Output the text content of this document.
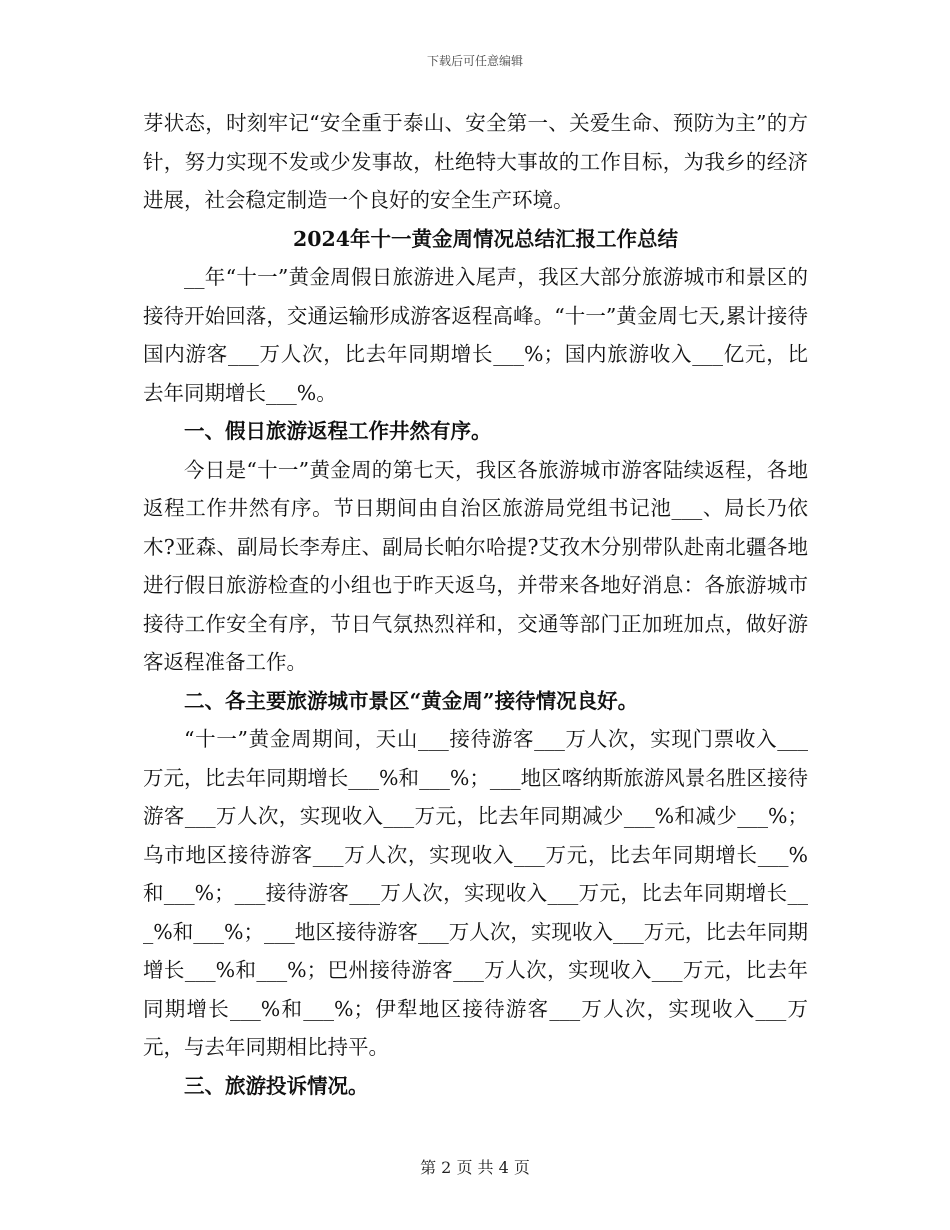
下载后可任意编辑

芽状态，时刻牢记“安全重于泰山、安全第一、关爱生命、预防为主”的方针，努力实现不发或少发事故，杜绝特大事故的工作目标，为我乡的经济进展，社会稳定制造一个良好的安全生产环境。

2024年十一黄金周情况总结汇报工作总结

__年“十一”黄金周假日旅游进入尾声，我区大部分旅游城市和景区的接待开始回落，交通运输形成游客返程高峰。“十一”黄金周七天,累计接待国内游客___万人次，比去年同期增长___%；国内旅游收入___亿元，比去年同期增长___%。

一、假日旅游返程工作井然有序。

今日是“十一”黄金周的第七天，我区各旅游城市游客陆续返程，各地返程工作井然有序。节日期间由自治区旅游局党组书记池___、局长乃依木?亚森、副局长李寿庄、副局长帕尔哈提?艾孜木分别带队赴南北疆各地进行假日旅游检查的小组也于昨天返乌，并带来各地好消息：各旅游城市接待工作安全有序，节日气氛热烈祥和，交通等部门正加班加点，做好游客返程准备工作。

二、各主要旅游城市景区“黄金周”接待情况良好。

“十一”黄金周期间，天山___接待游客___万人次，实现门票收入___万元，比去年同期增长___%和___%；___地区喀纳斯旅游风景名胜区接待游客___万人次，实现收入___万元，比去年同期减少___%和减少___%；乌市地区接待游客___万人次，实现收入___万元，比去年同期增长___%和___%；___接待游客___万人次，实现收入___万元，比去年同期增长___%和___%；___地区接待游客___万人次，实现收入___万元，比去年同期增长___%和___%；巴州接待游客___万人次，实现收入___万元，比去年同期增长___%和___%；伊犁地区接待游客___万人次，实现收入___万元，与去年同期相比持平。

三、旅游投诉情况。

第 2 页 共 4 页
